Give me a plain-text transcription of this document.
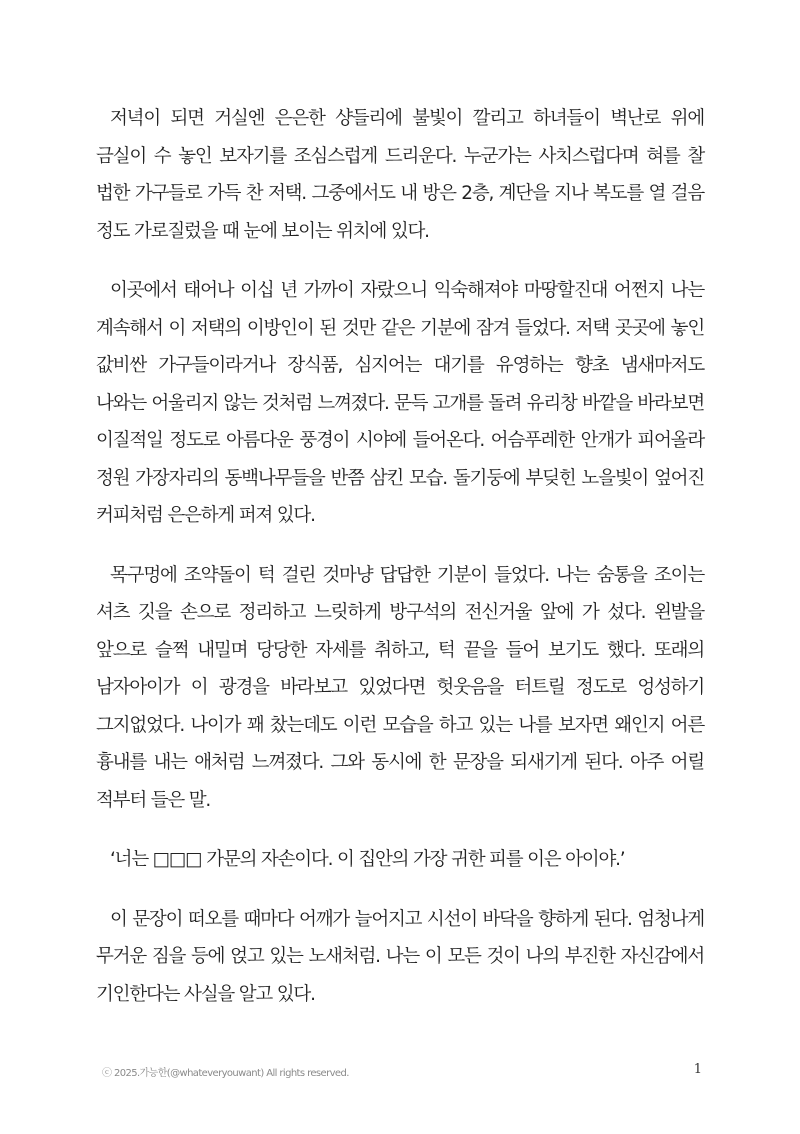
저녁이 되면 거실엔 은은한 샹들리에 불빛이 깔리고 하녀들이 벽난로 위에 금실이 수 놓인 보자기를 조심스럽게 드리운다. 누군가는 사치스럽다며 혀를 찰 법한 가구들로 가득 찬 저택. 그중에서도 내 방은 2층, 계단을 지나 복도를 열 걸음 정도 가로질렀을 때 눈에 보이는 위치에 있다.

이곳에서 태어나 이십 년 가까이 자랐으니 익숙해져야 마땅할진대 어쩐지 나는 계속해서 이 저택의 이방인이 된 것만 같은 기분에 잠겨 들었다. 저택 곳곳에 놓인 값비싼 가구들이라거나 장식품, 심지어는 대기를 유영하는 향초 냄새마저도 나와는 어울리지 않는 것처럼 느껴졌다. 문득 고개를 돌려 유리창 바깥을 바라보면 이질적일 정도로 아름다운 풍경이 시야에 들어온다. 어슴푸레한 안개가 피어올라 정원 가장자리의 동백나무들을 반쯤 삼킨 모습. 돌기둥에 부딪힌 노을빛이 엎어진 커피처럼 은은하게 퍼져 있다.

목구멍에 조약돌이 턱 걸린 것마냥 답답한 기분이 들었다. 나는 숨통을 조이는 셔츠 깃을 손으로 정리하고 느릿하게 방구석의 전신거울 앞에 가 섰다. 왼발을 앞으로 슬쩍 내밀며 당당한 자세를 취하고, 턱 끝을 들어 보기도 했다. 또래의 남자아이가 이 광경을 바라보고 있었다면 헛웃음을 터트릴 정도로 엉성하기 그지없었다. 나이가 꽤 찼는데도 이런 모습을 하고 있는 나를 보자면 왜인지 어른 흉내를 내는 애처럼 느껴졌다. 그와 동시에 한 문장을 되새기게 된다. 아주 어릴 적부터 들은 말.

‘너는 □□□ 가문의 자손이다. 이 집안의 가장 귀한 피를 이은 아이야.’

이 문장이 떠오를 때마다 어깨가 늘어지고 시선이 바닥을 향하게 된다. 엄청나게 무거운 짐을 등에 얹고 있는 노새처럼. 나는 이 모든 것이 나의 부진한 자신감에서 기인한다는 사실을 알고 있다.

ⓒ 2025.가능한(@whateveryouwant) All rights reserved.	1
